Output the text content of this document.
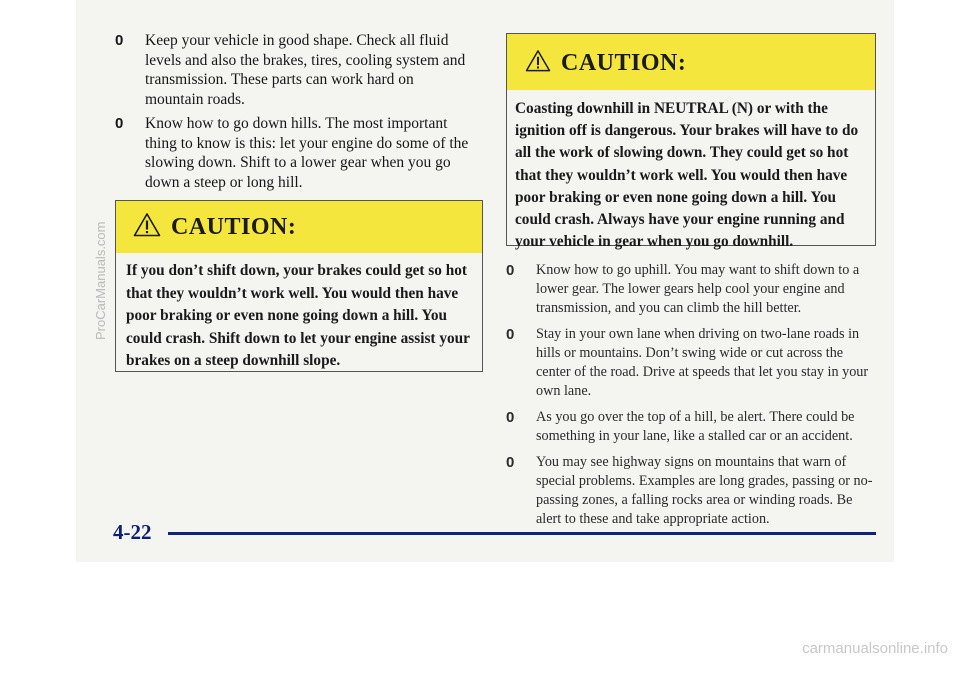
ProCarManuals.com
0 Keep your vehicle in good shape. Check all fluid levels and also the brakes, tires, cooling system and transmission. These parts can work hard on mountain roads.
0 Know how to go down hills. The most important thing to know is this: let your engine do some of the slowing down. Shift to a lower gear when you go down a steep or long hill.
CAUTION:
If you don’t shift down, your brakes could get so hot that they wouldn’t work well. You would then have poor braking or even none going down a hill. You could crash. Shift down to let your engine assist your brakes on a steep downhill slope.
CAUTION:
Coasting downhill in NEUTRAL (N) or with the ignition off is dangerous. Your brakes will have to do all the work of slowing down. They could get so hot that they wouldn’t work well. You would then have poor braking or even none going down a hill. You could crash. Always have your engine running and your vehicle in gear when you go downhill.
0 Know how to go uphill. You may want to shift down to a lower gear. The lower gears help cool your engine and transmission, and you can climb the hill better.
0 Stay in your own lane when driving on two-lane roads in hills or mountains. Don’t swing wide or cut across the center of the road. Drive at speeds that let you stay in your own lane.
0 As you go over the top of a hill, be alert. There could be something in your lane, like a stalled car or an accident.
0 You may see highway signs on mountains that warn of special problems. Examples are long grades, passing or no-passing zones, a falling rocks area or winding roads. Be alert to these and take appropriate action.
4-22
carmanualsonline.info
